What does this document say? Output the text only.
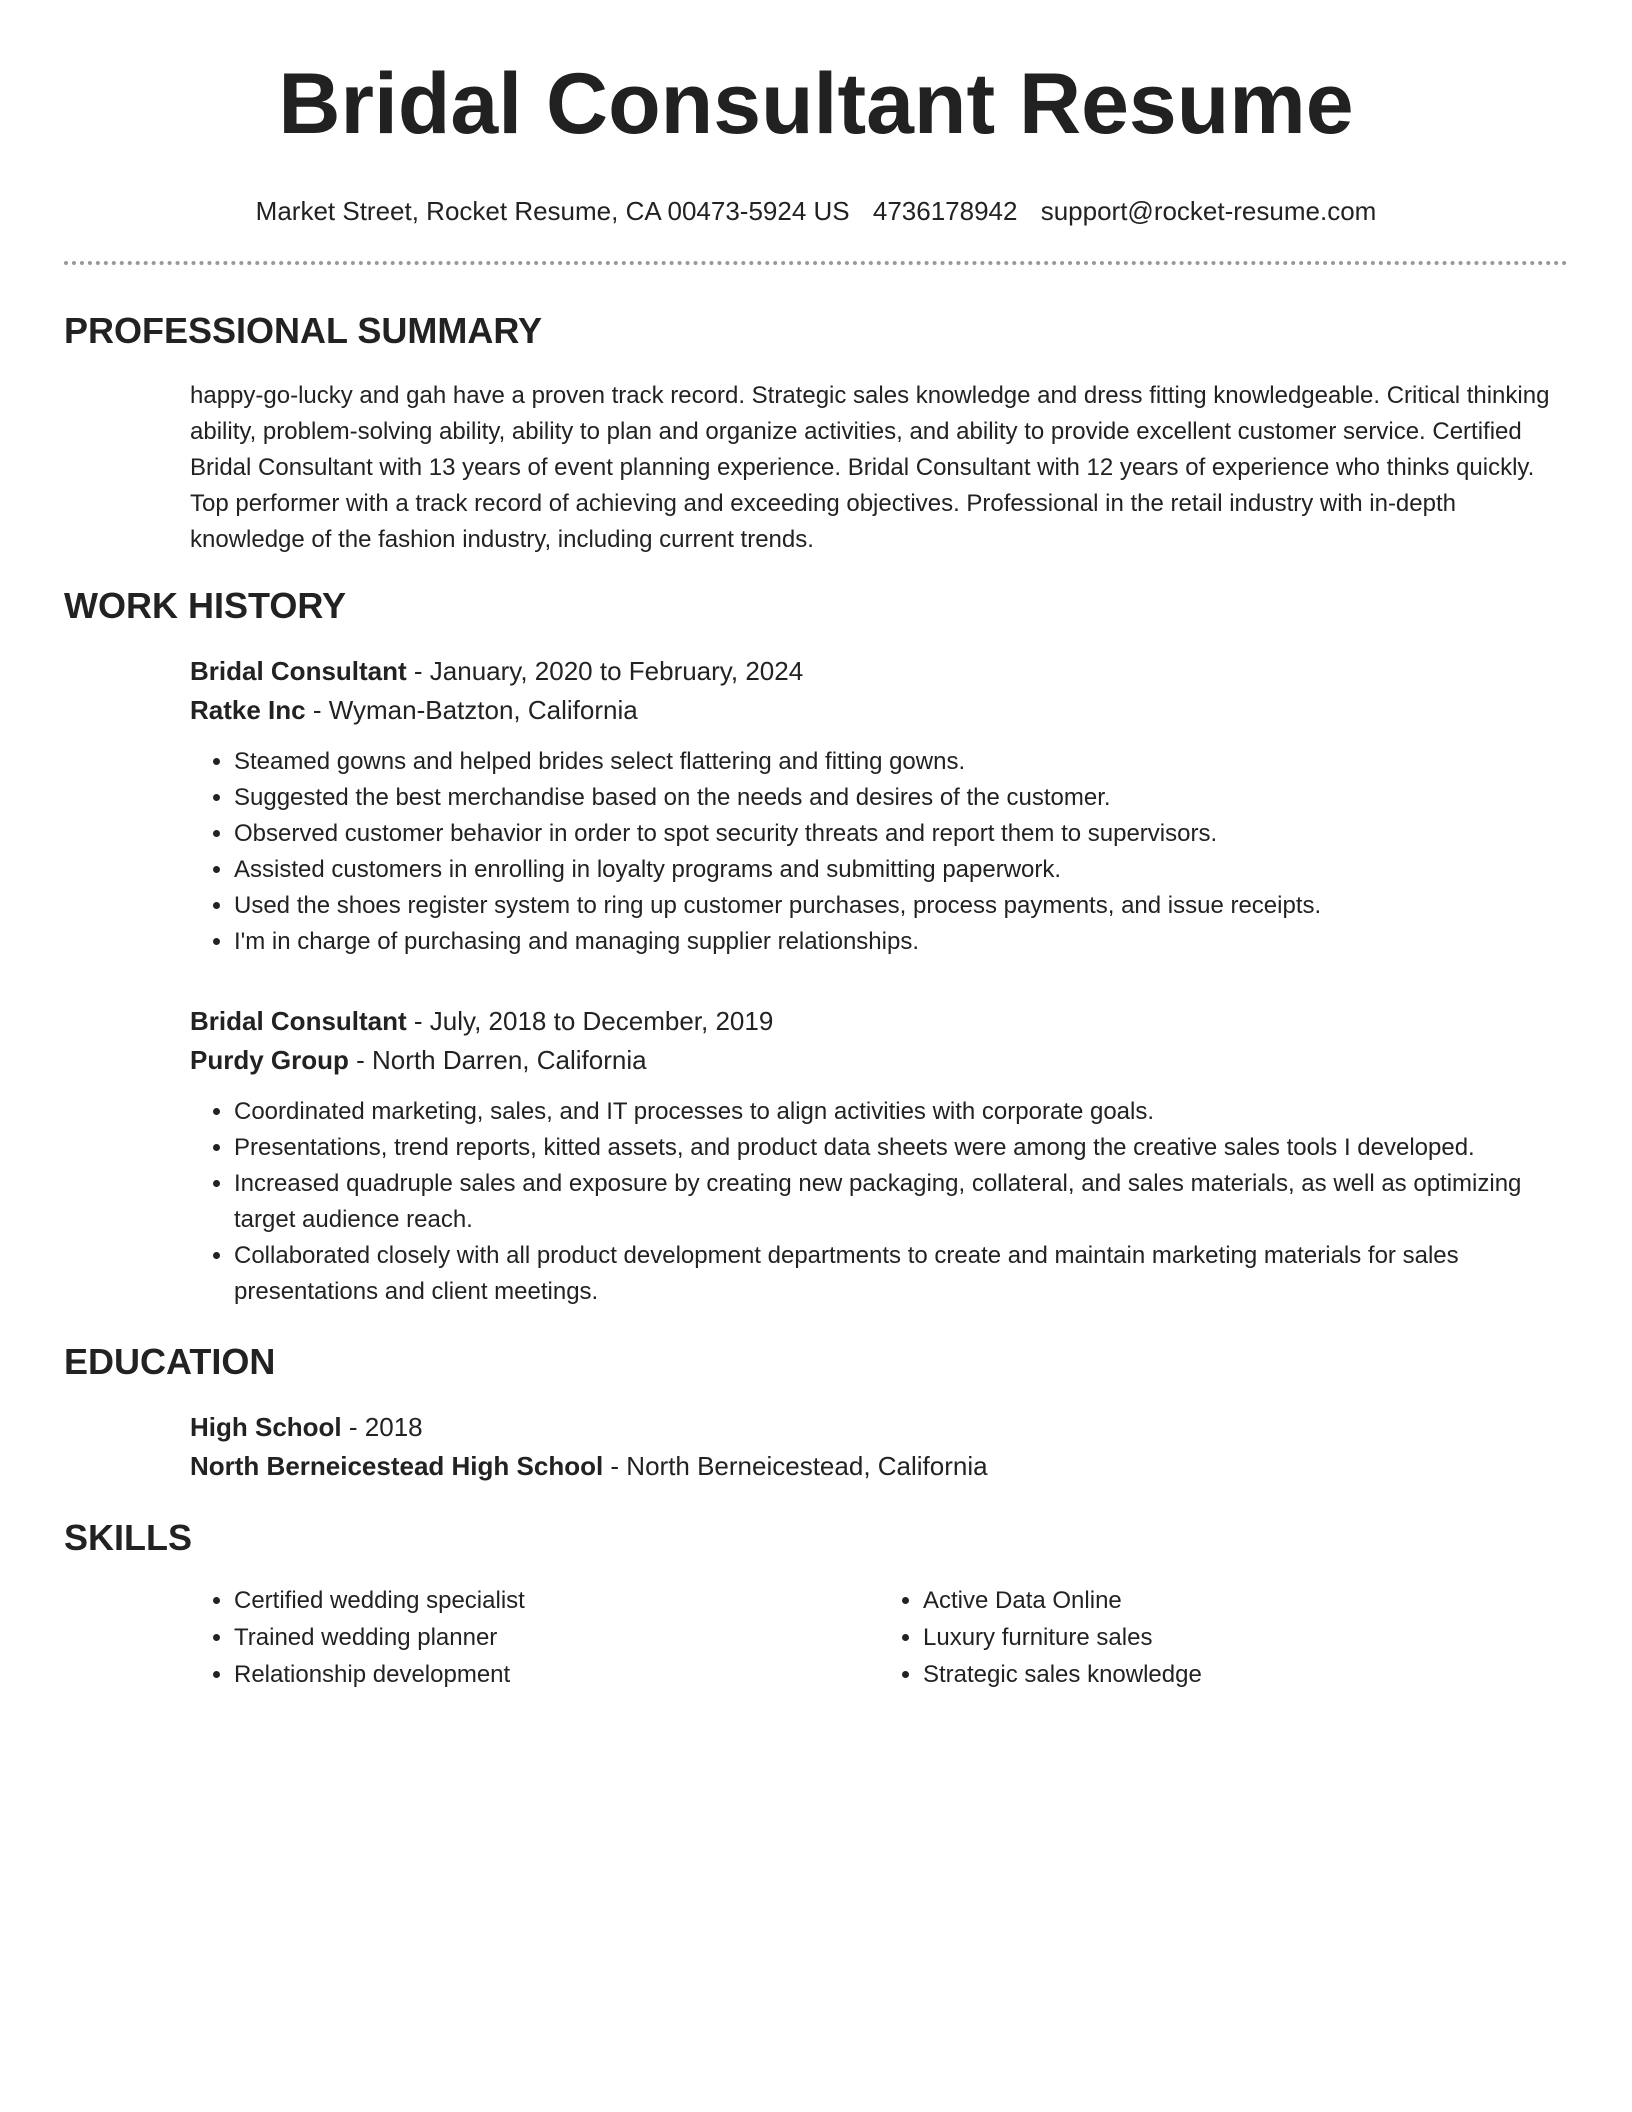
Bridal Consultant Resume
Market Street, Rocket Resume, CA 00473-5924 US 4736178942 support@rocket-resume.com
PROFESSIONAL SUMMARY

happy-go-lucky and gah have a proven track record. Strategic sales knowledge and dress fitting knowledgeable. Critical thinking ability, problem-solving ability, ability to plan and organize activities, and ability to provide excellent customer service. Certified Bridal Consultant with 13 years of event planning experience. Bridal Consultant with 12 years of experience who thinks quickly. Top performer with a track record of achieving and exceeding objectives. Professional in the retail industry with in-depth knowledge of the fashion industry, including current trends.

WORK HISTORY

Bridal Consultant - January, 2020 to February, 2024

Ratke Inc - Wyman-Batzton, California

• Steamed gowns and helped brides select flattering and fitting gowns.
• Suggested the best merchandise based on the needs and desires of the customer.
• Observed customer behavior in order to spot security threats and report them to supervisors.
• Assisted customers in enrolling in loyalty programs and submitting paperwork.
• Used the shoes register system to ring up customer purchases, process payments, and issue receipts.
• I'm in charge of purchasing and managing supplier relationships.

Bridal Consultant - July, 2018 to December, 2019

Purdy Group - North Darren, California

• Coordinated marketing, sales, and IT processes to align activities with corporate goals.
• Presentations, trend reports, kitted assets, and product data sheets were among the creative sales tools I developed.
• Increased quadruple sales and exposure by creating new packaging, collateral, and sales materials, as well as optimizing target audience reach.
• Collaborated closely with all product development departments to create and maintain marketing materials for sales presentations and client meetings.
EDUCATION

High School - 2018

North Berneicestead High School - North Berneicestead, California

SKILLS
• Certified wedding specialist
• Trained wedding planner
• Relationship development
• Active Data Online
• Luxury furniture sales
• Strategic sales knowledge
